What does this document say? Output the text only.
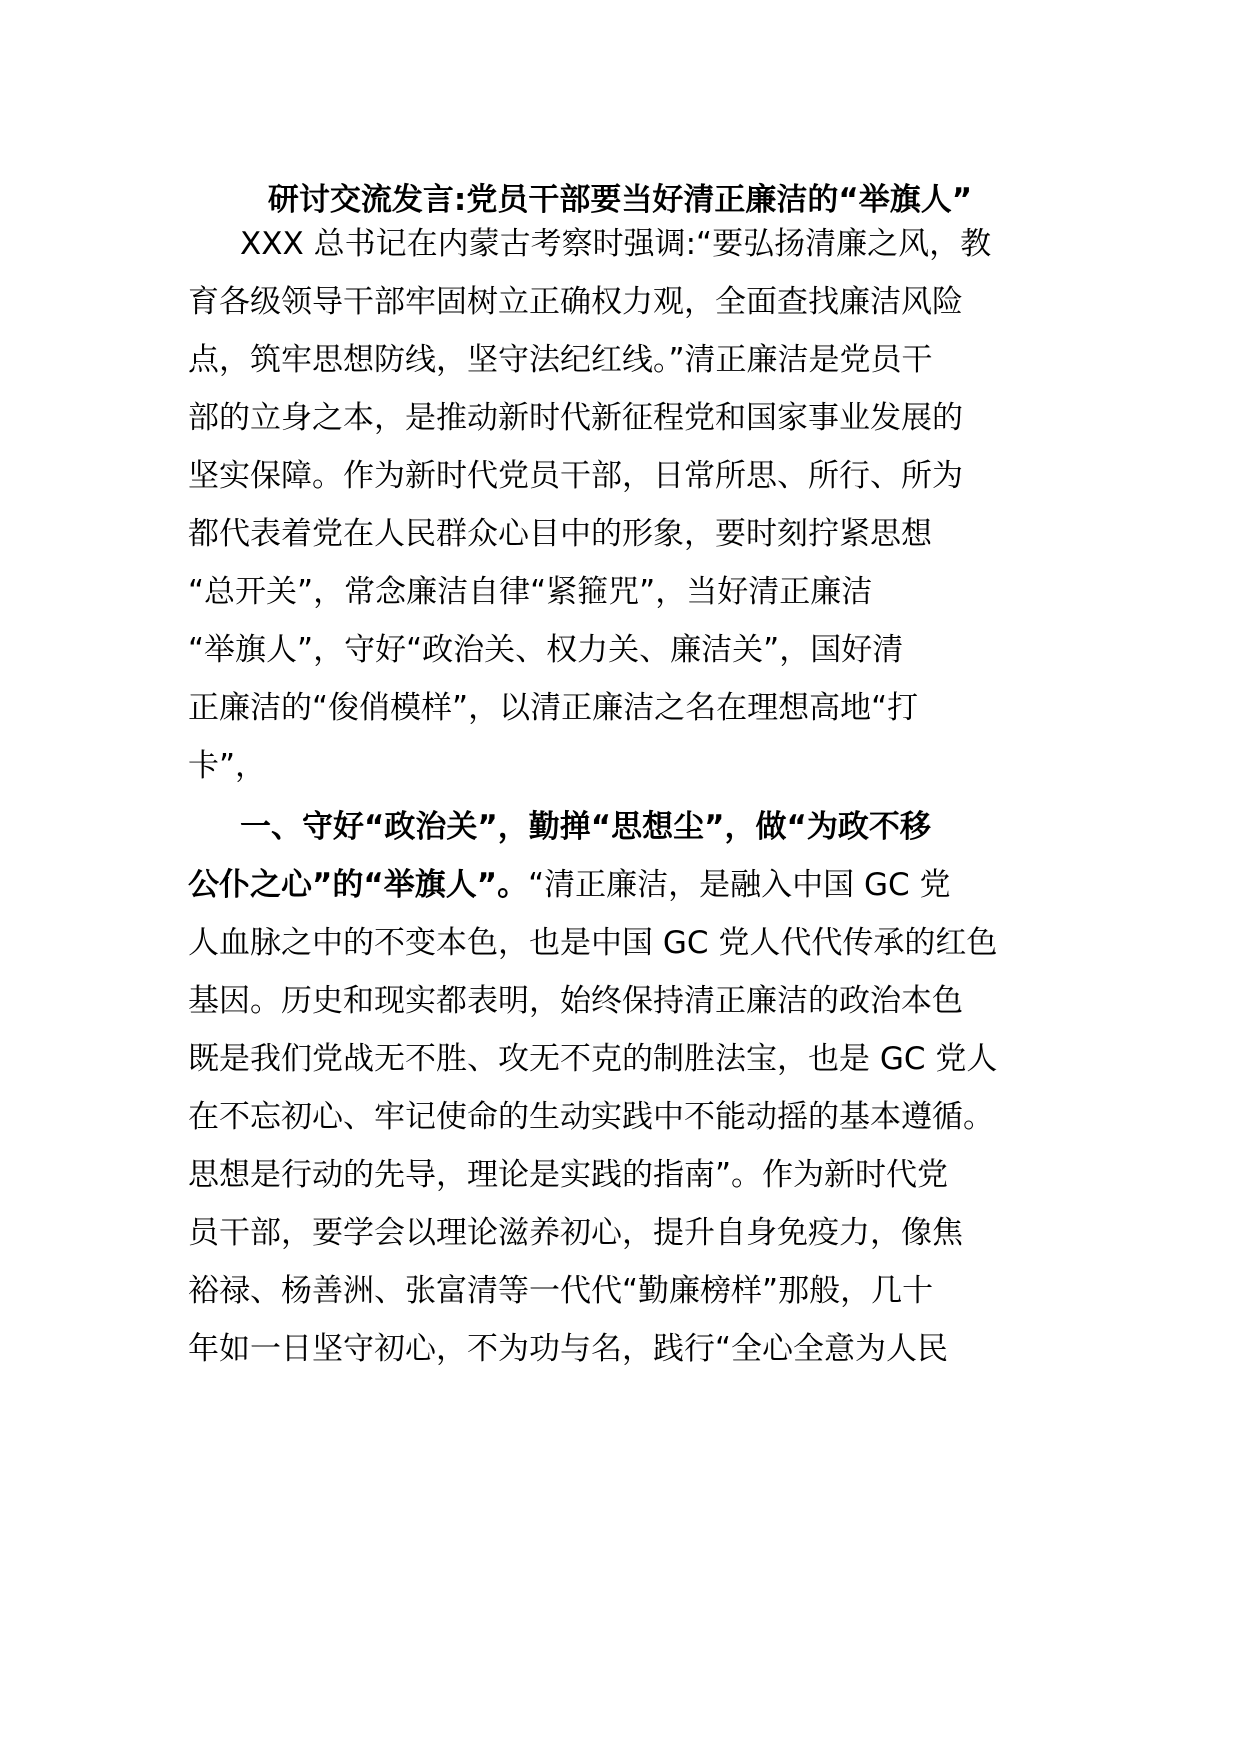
研讨交流发言:党员干部要当好清正廉洁的“举旗人”

XXX 总书记在内蒙古考察时强调:“要弘扬清廉之风，教

育各级领导干部牢固树立正确权力观，全面查找廉洁风险

点，筑牢思想防线，坚守法纪红线。”清正廉洁是党员干

部的立身之本，是推动新时代新征程党和国家事业发展的

坚实保障。作为新时代党员干部，日常所思、所行、所为

都代表着党在人民群众心目中的形象，要时刻拧紧思想

“总开关”，常念廉洁自律“紧箍咒”，当好清正廉洁

“举旗人”，守好“政治关、权力关、廉洁关”，国好清

正廉洁的“俊俏模样”，以清正廉洁之名在理想高地“打

卡”，

一、守好“政治关”，勤掸“思想尘”，做“为政不移

公仆之心”的“举旗人”。“清正廉洁，是融入中国 GC 党

人血脉之中的不变本色，也是中国 GC 党人代代传承的红色

基因。历史和现实都表明，始终保持清正廉洁的政治本色

既是我们党战无不胜、攻无不克的制胜法宝，也是 GC 党人

在不忘初心、牢记使命的生动实践中不能动摇的基本遵循。

思想是行动的先导，理论是实践的指南”。作为新时代党

员干部，要学会以理论滋养初心，提升自身免疫力，像焦

裕禄、杨善洲、张富清等一代代“勤廉榜样”那般，几十

年如一日坚守初心，不为功与名，践行“全心全意为人民
